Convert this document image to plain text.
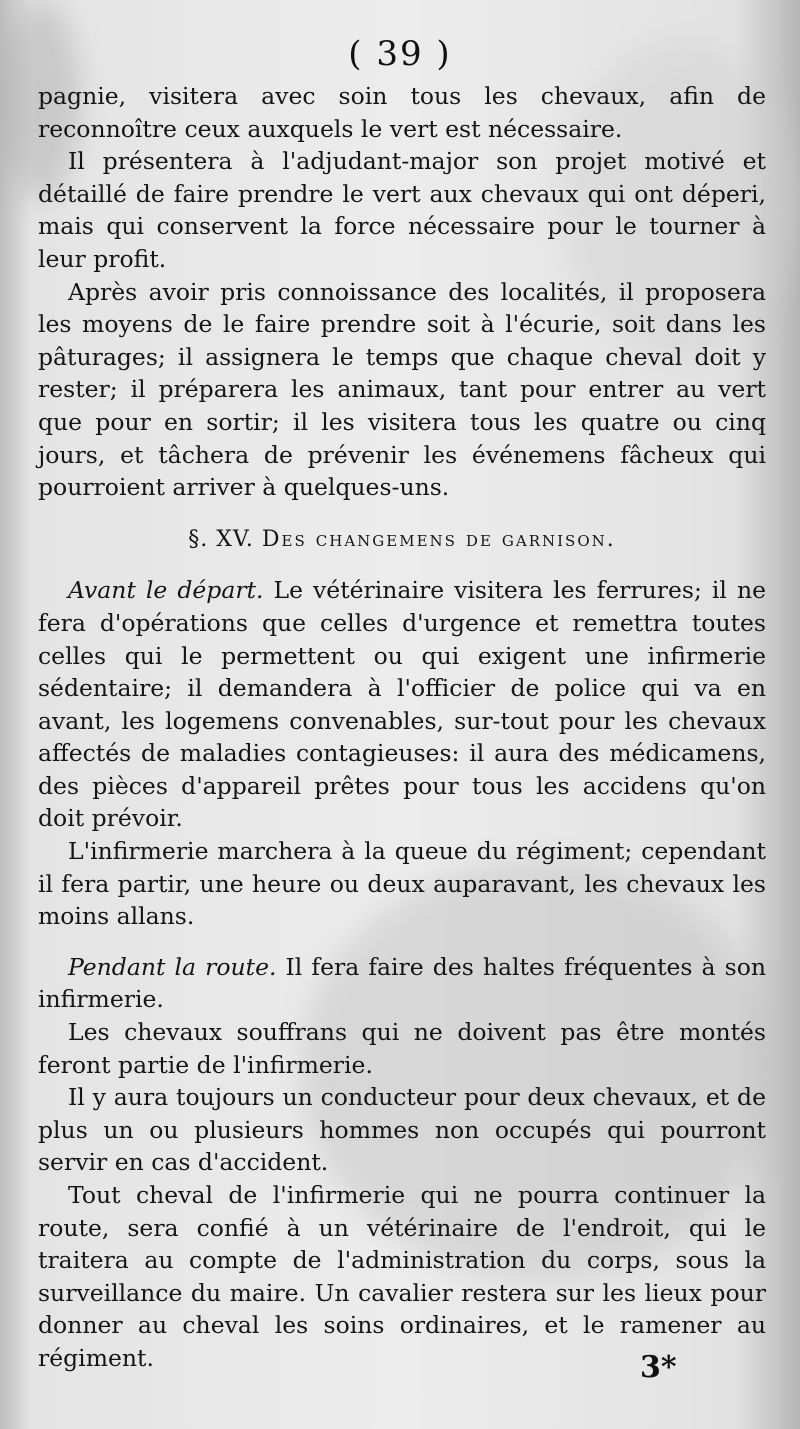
( 39 )

pagnie, visitera avec soin tous les chevaux, afin de reconnoître ceux auxquels le vert est nécessaire.

Il présentera à l'adjudant-major son projet motivé et détaillé de faire prendre le vert aux chevaux qui ont déperi, mais qui conservent la force nécessaire pour le tourner à leur profit.

Après avoir pris connoissance des localités, il proposera les moyens de le faire prendre soit à l'écurie, soit dans les pâturages; il assignera le temps que chaque cheval doit y rester; il préparera les animaux, tant pour entrer au vert que pour en sortir; il les visitera tous les quatre ou cinq jours, et tâchera de prévenir les événemens fâcheux qui pourroient arriver à quelques-uns.

§. XV. Des changemens de garnison.

Avant le départ. Le vétérinaire visitera les ferrures; il ne fera d'opérations que celles d'urgence et remettra toutes celles qui le permettent ou qui exigent une infirmerie sédentaire; il demandera à l'officier de police qui va en avant, les logemens convenables, sur-tout pour les chevaux affectés de maladies contagieuses: il aura des médicamens, des pièces d'appareil prêtes pour tous les accidens qu'on doit prévoir.

L'infirmerie marchera à la queue du régiment; cependant il fera partir, une heure ou deux auparavant, les chevaux les moins allans.

Pendant la route. Il fera faire des haltes fréquentes à son infirmerie.

Les chevaux souffrans qui ne doivent pas être montés feront partie de l'infirmerie.

Il y aura toujours un conducteur pour deux chevaux, et de plus un ou plusieurs hommes non occupés qui pourront servir en cas d'accident.

Tout cheval de l'infirmerie qui ne pourra continuer la route, sera confié à un vétérinaire de l'endroit, qui le traitera au compte de l'administration du corps, sous la surveillance du maire. Un cavalier restera sur les lieux pour donner au cheval les soins ordinaires, et le ramener au régiment.	3*
